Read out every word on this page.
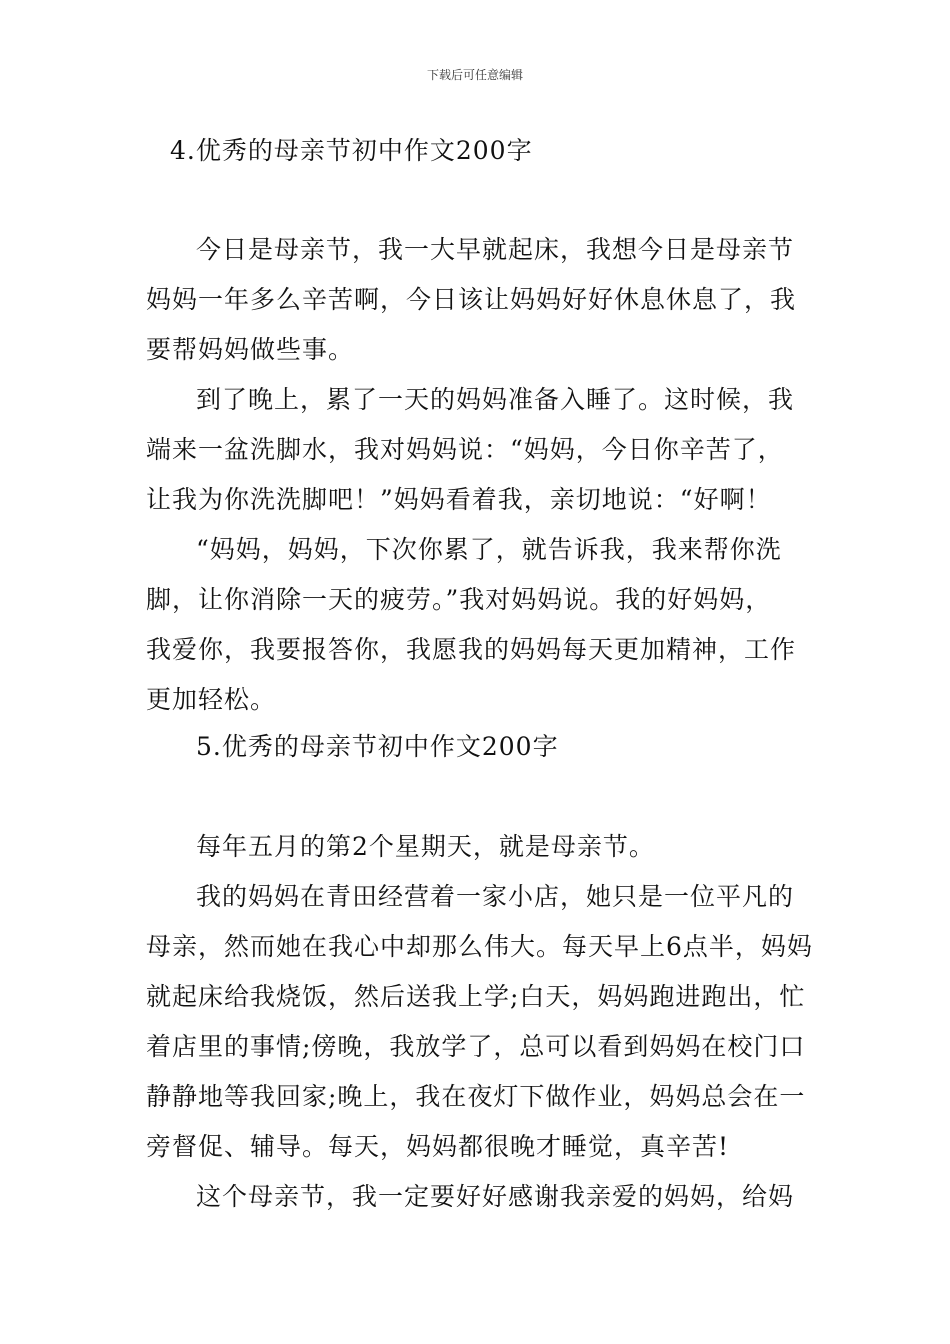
下载后可任意编辑
4.优秀的母亲节初中作文200字
今日是母亲节，我一大早就起床，我想今日是母亲节
妈妈一年多么辛苦啊，今日该让妈妈好好休息休息了，我
要帮妈妈做些事。
到了晚上，累了一天的妈妈准备入睡了。这时候，我
端来一盆洗脚水，我对妈妈说：“妈妈，今日你辛苦了，
让我为你洗洗脚吧！”妈妈看着我，亲切地说：“好啊！
“妈妈，妈妈，下次你累了，就告诉我，我来帮你洗
脚，让你消除一天的疲劳。”我对妈妈说。我的好妈妈，
我爱你，我要报答你，我愿我的妈妈每天更加精神，工作
更加轻松。
5.优秀的母亲节初中作文200字
每年五月的第2个星期天，就是母亲节。
我的妈妈在青田经营着一家小店，她只是一位平凡的
母亲，然而她在我心中却那么伟大。每天早上6点半，妈妈
就起床给我烧饭，然后送我上学;白天，妈妈跑进跑出，忙
着店里的事情;傍晚，我放学了，总可以看到妈妈在校门口
静静地等我回家;晚上，我在夜灯下做作业，妈妈总会在一
旁督促、辅导。每天，妈妈都很晚才睡觉，真辛苦!
这个母亲节，我一定要好好感谢我亲爱的妈妈，给妈
